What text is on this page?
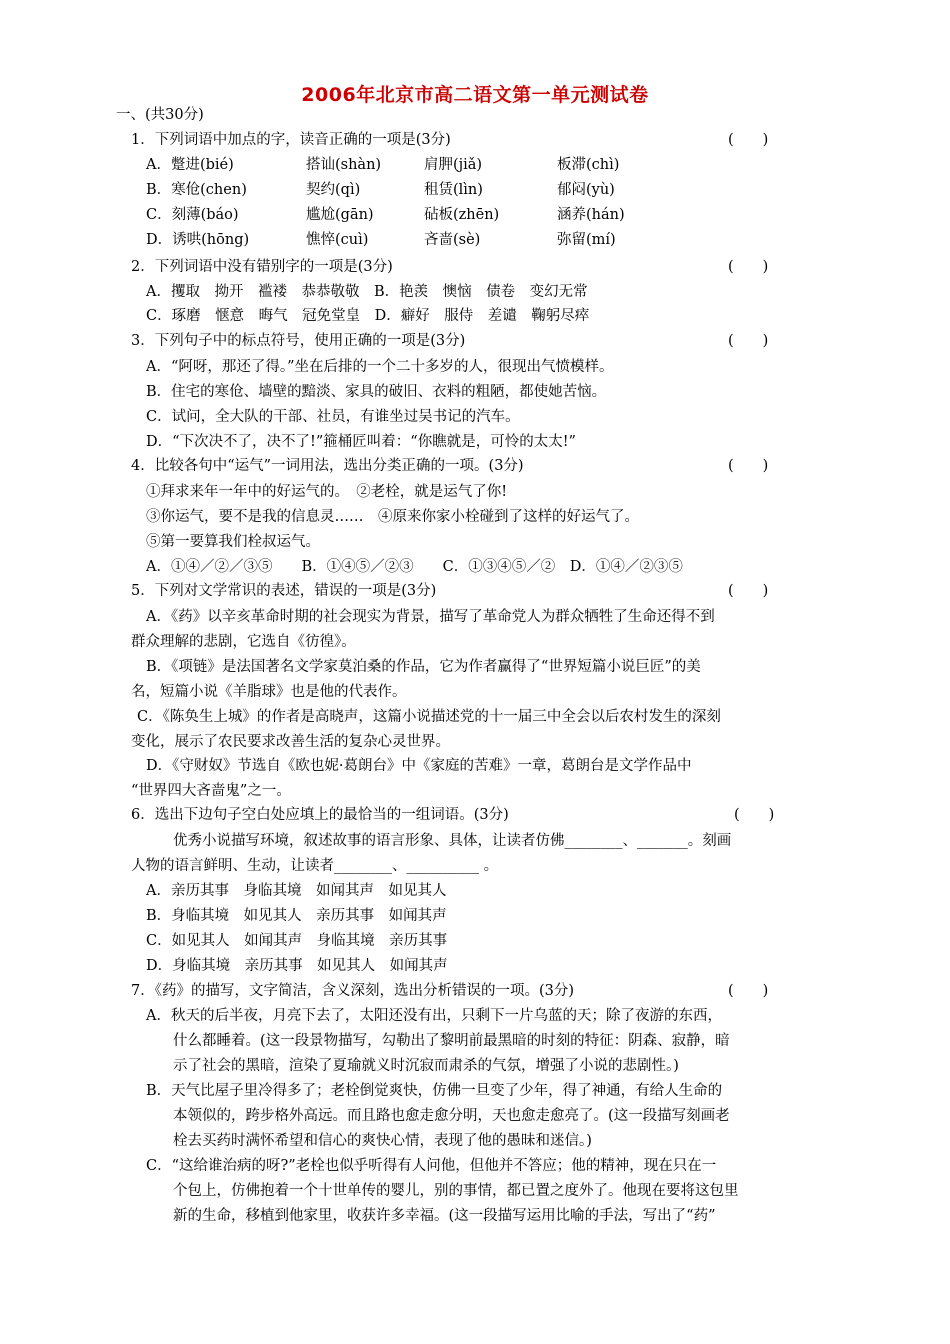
2006年北京市高二语文第一单元测试卷
一、(共30分)
1．下列词语中加点的字，读音正确的一项是(3分)	(　　)
A．蹩进(bié)	搭讪(shàn)	肩胛(jiǎ)	板滞(chì)
B．寒伧(chen)	契约(qì)	租赁(lìn)	郁闷(yù)
C．刻薄(báo)	尴尬(gān)	砧板(zhēn)	涵养(hán)
D．诱哄(hōng)	憔悴(cuì)	吝啬(sè)	弥留(mí)
2．下列词语中没有错别字的一项是(3分)	(　　)
A．攫取　拗开　褴褛　恭恭敬敬　B．艳羡　懊恼　债卷　变幻无常
C．琢磨　惬意　晦气　冠免堂皇　D．癖好　服侍　差谴　鞠躬尽瘁
3．下列句子中的标点符号，使用正确的一项是(3分)	(　　)
A．“阿呀，那还了得。”坐在后排的一个二十多岁的人，很现出气愤模样。
B．住宅的寒伧、墙壁的黯淡、家具的破旧、衣料的粗陋，都使她苦恼。
C．试问，全大队的干部、社员，有谁坐过吴书记的汽车。
D．“下次决不了，决不了!”箍桶匠叫着：“你瞧就是，可怜的太太!”
4．比较各句中“运气”一词用法，选出分类正确的一项。(3分)	(　　)
①拜求来年一年中的好运气的。　②老栓，就是运气了你!
③你运气，要不是我的信息灵……　④原来你家小栓碰到了这样的好运气了。
⑤第一要算我们栓叔运气。
A．①④／②／③⑤　　B．①④⑤／②③　　C．①③④⑤／②　D．①④／②③⑤
5．下列对文学常识的表述，错误的一项是(3分)	(　　)
A．《药》以辛亥革命时期的社会现实为背景，描写了革命党人为群众牺牲了生命还得不到
群众理解的悲剧，它选自《彷徨》。
B．《项链》是法国著名文学家莫泊桑的作品，它为作者赢得了“世界短篇小说巨匠”的美
名，短篇小说《羊脂球》也是他的代表作。
C．《陈奂生上城》的作者是高晓声，这篇小说描述党的十一届三中全会以后农村发生的深刻
变化，展示了农民要求改善生活的复杂心灵世界。
D．《守财奴》节选自《欧也妮·葛朗台》中《家庭的苦难》一章，葛朗台是文学作品中
“世界四大吝啬鬼”之一。
6．选出下边句子空白处应填上的最恰当的一组词语。(3分)	(　　)
优秀小说描写环境，叙述故事的语言形象、具体，让读者仿佛________、_______。刻画
人物的语言鲜明、生动，让读者________、__________ 。
A．亲历其事　身临其境　如闻其声　如见其人
B．身临其境　如见其人　亲历其事　如闻其声
C．如见其人　如闻其声　身临其境　亲历其事
D．身临其境　亲历其事　如见其人　如闻其声
7．《药》的描写，文字简洁，含义深刻，选出分析错误的一项。(3分)	(　　)
A．秋天的后半夜，月亮下去了，太阳还没有出，只剩下一片乌蓝的天；除了夜游的东西，
什么都睡着。(这一段景物描写，勾勒出了黎明前最黑暗的时刻的特征：阴森、寂静，暗
示了社会的黑暗，渲染了夏瑜就义时沉寂而肃杀的气氛，增强了小说的悲剧性。)
B．天气比屋子里冷得多了；老栓倒觉爽快，仿佛一旦变了少年，得了神通，有给人生命的
本领似的，跨步格外高远。而且路也愈走愈分明，天也愈走愈亮了。(这一段描写刻画老
栓去买药时满怀希望和信心的爽快心情，表现了他的愚昧和迷信。)
C．“这给谁治病的呀?”老栓也似乎听得有人问他，但他并不答应；他的精神，现在只在一
个包上，仿佛抱着一个十世单传的婴儿，别的事情，都已置之度外了。他现在要将这包里
新的生命，移植到他家里，收获许多幸福。(这一段描写运用比喻的手法，写出了“药”
